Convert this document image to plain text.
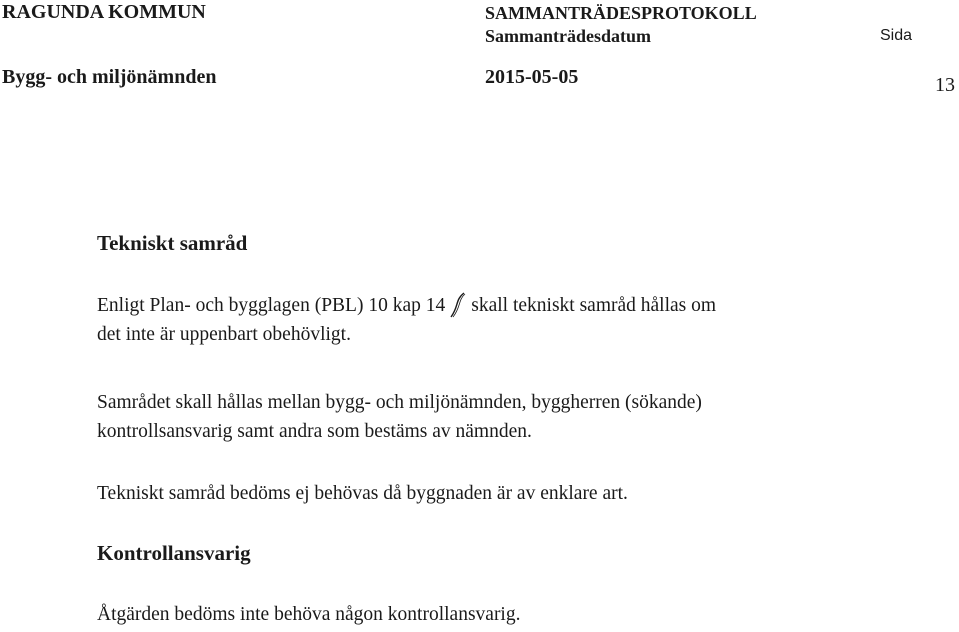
RAGUNDA KOMMUN	SAMMANTRÄDESPROTOKOLL
Sammanträdesdatum	Sida
Bygg- och miljönämnden	2015-05-05	13
Tekniskt samråd
Enligt Plan- och bygglagen (PBL) 10 kap 14 skall tekniskt samråd hållas om
det inte är uppenbart obehövligt.
Samrådet skall hållas mellan bygg- och miljönämnden, byggherren (sökande)
kontrollsansvarig samt andra som bestäms av nämnden.
Tekniskt samråd bedöms ej behövas då byggnaden är av enklare art.
Kontrollansvarig
Åtgärden bedöms inte behöva någon kontrollansvarig.
